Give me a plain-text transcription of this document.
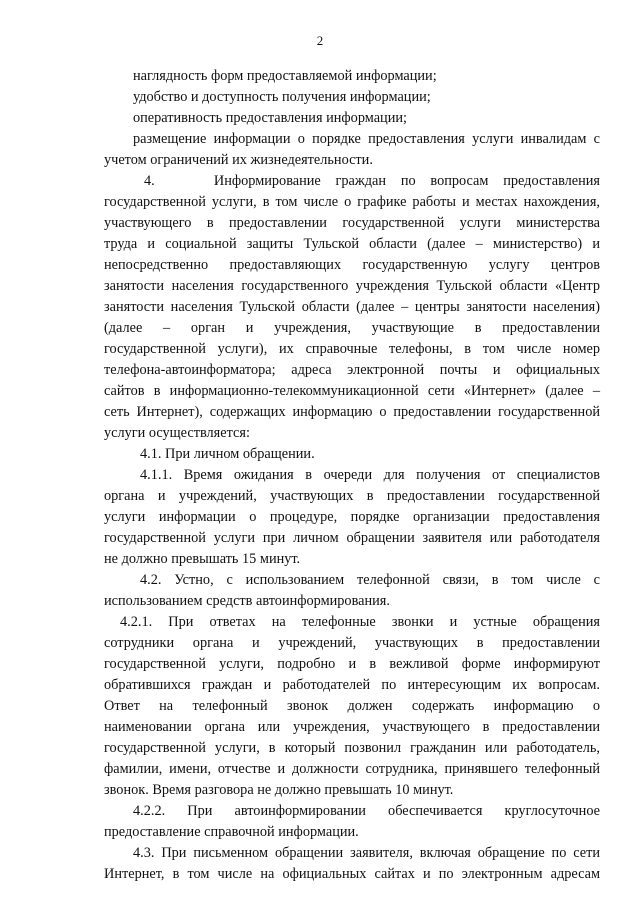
2
наглядность форм предоставляемой информации;
удобство и доступность получения информации;
оперативность предоставления информации;
размещение информации о порядке предоставления услуги инвалидам с
учетом ограничений их жизнедеятельности.
4.    Информирование граждан по вопросам предоставления
государственной услуги, в том числе о графике работы и местах нахождения,
участвующего в предоставлении государственной услуги министерства
труда и социальной защиты Тульской области (далее – министерство) и
непосредственно предоставляющих государственную услугу центров
занятости населения государственного учреждения Тульской области «Центр
занятости населения Тульской области (далее – центры занятости населения)
(далее – орган и учреждения, участвующие в предоставлении
государственной услуги), их справочные телефоны, в том числе номер
телефона-автоинформатора; адреса электронной почты и официальных
сайтов в информационно-телекоммуникационной сети «Интернет» (далее –
сеть Интернет), содержащих информацию о предоставлении государственной
услуги осуществляется:
4.1. При личном обращении.
4.1.1. Время ожидания в очереди для получения от специалистов
органа и учреждений, участвующих в предоставлении государственной
услуги информации о процедуре, порядке организации предоставления
государственной услуги при личном обращении заявителя или работодателя
не должно превышать 15 минут.
4.2. Устно, с использованием телефонной связи, в том числе с
использованием средств автоинформирования.
4.2.1. При ответах на телефонные звонки и устные обращения
сотрудники органа и учреждений, участвующих в предоставлении
государственной услуги, подробно и в вежливой форме информируют
обратившихся граждан и работодателей по интересующим их вопросам.
Ответ на телефонный звонок должен содержать информацию о
наименовании органа или учреждения, участвующего в предоставлении
государственной услуги, в который позвонил гражданин или работодатель,
фамилии, имени, отчестве и должности сотрудника, принявшего телефонный
звонок. Время разговора не должно превышать 10 минут.
4.2.2. При автоинформировании обеспечивается круглосуточное
предоставление справочной информации.
4.3. При письменном обращении заявителя, включая обращение по сети
Интернет, в том числе на официальных сайтах и по электронным адресам
